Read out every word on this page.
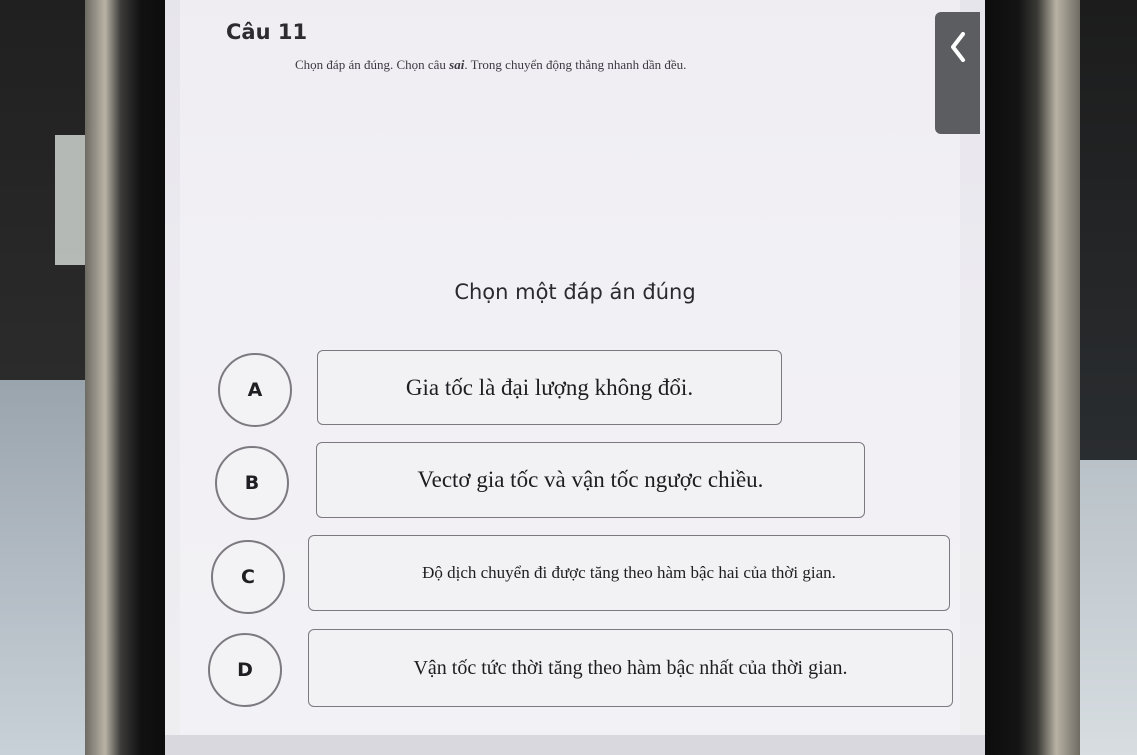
Câu 11
Chọn đáp án đúng. Chọn câu sai. Trong chuyển động thẳng nhanh dần đều.
Chọn một đáp án đúng
A	Gia tốc là đại lượng không đổi.
B	Vectơ gia tốc và vận tốc ngược chiều.
C	Độ dịch chuyển đi được tăng theo hàm bậc hai của thời gian.
D	Vận tốc tức thời tăng theo hàm bậc nhất của thời gian.
